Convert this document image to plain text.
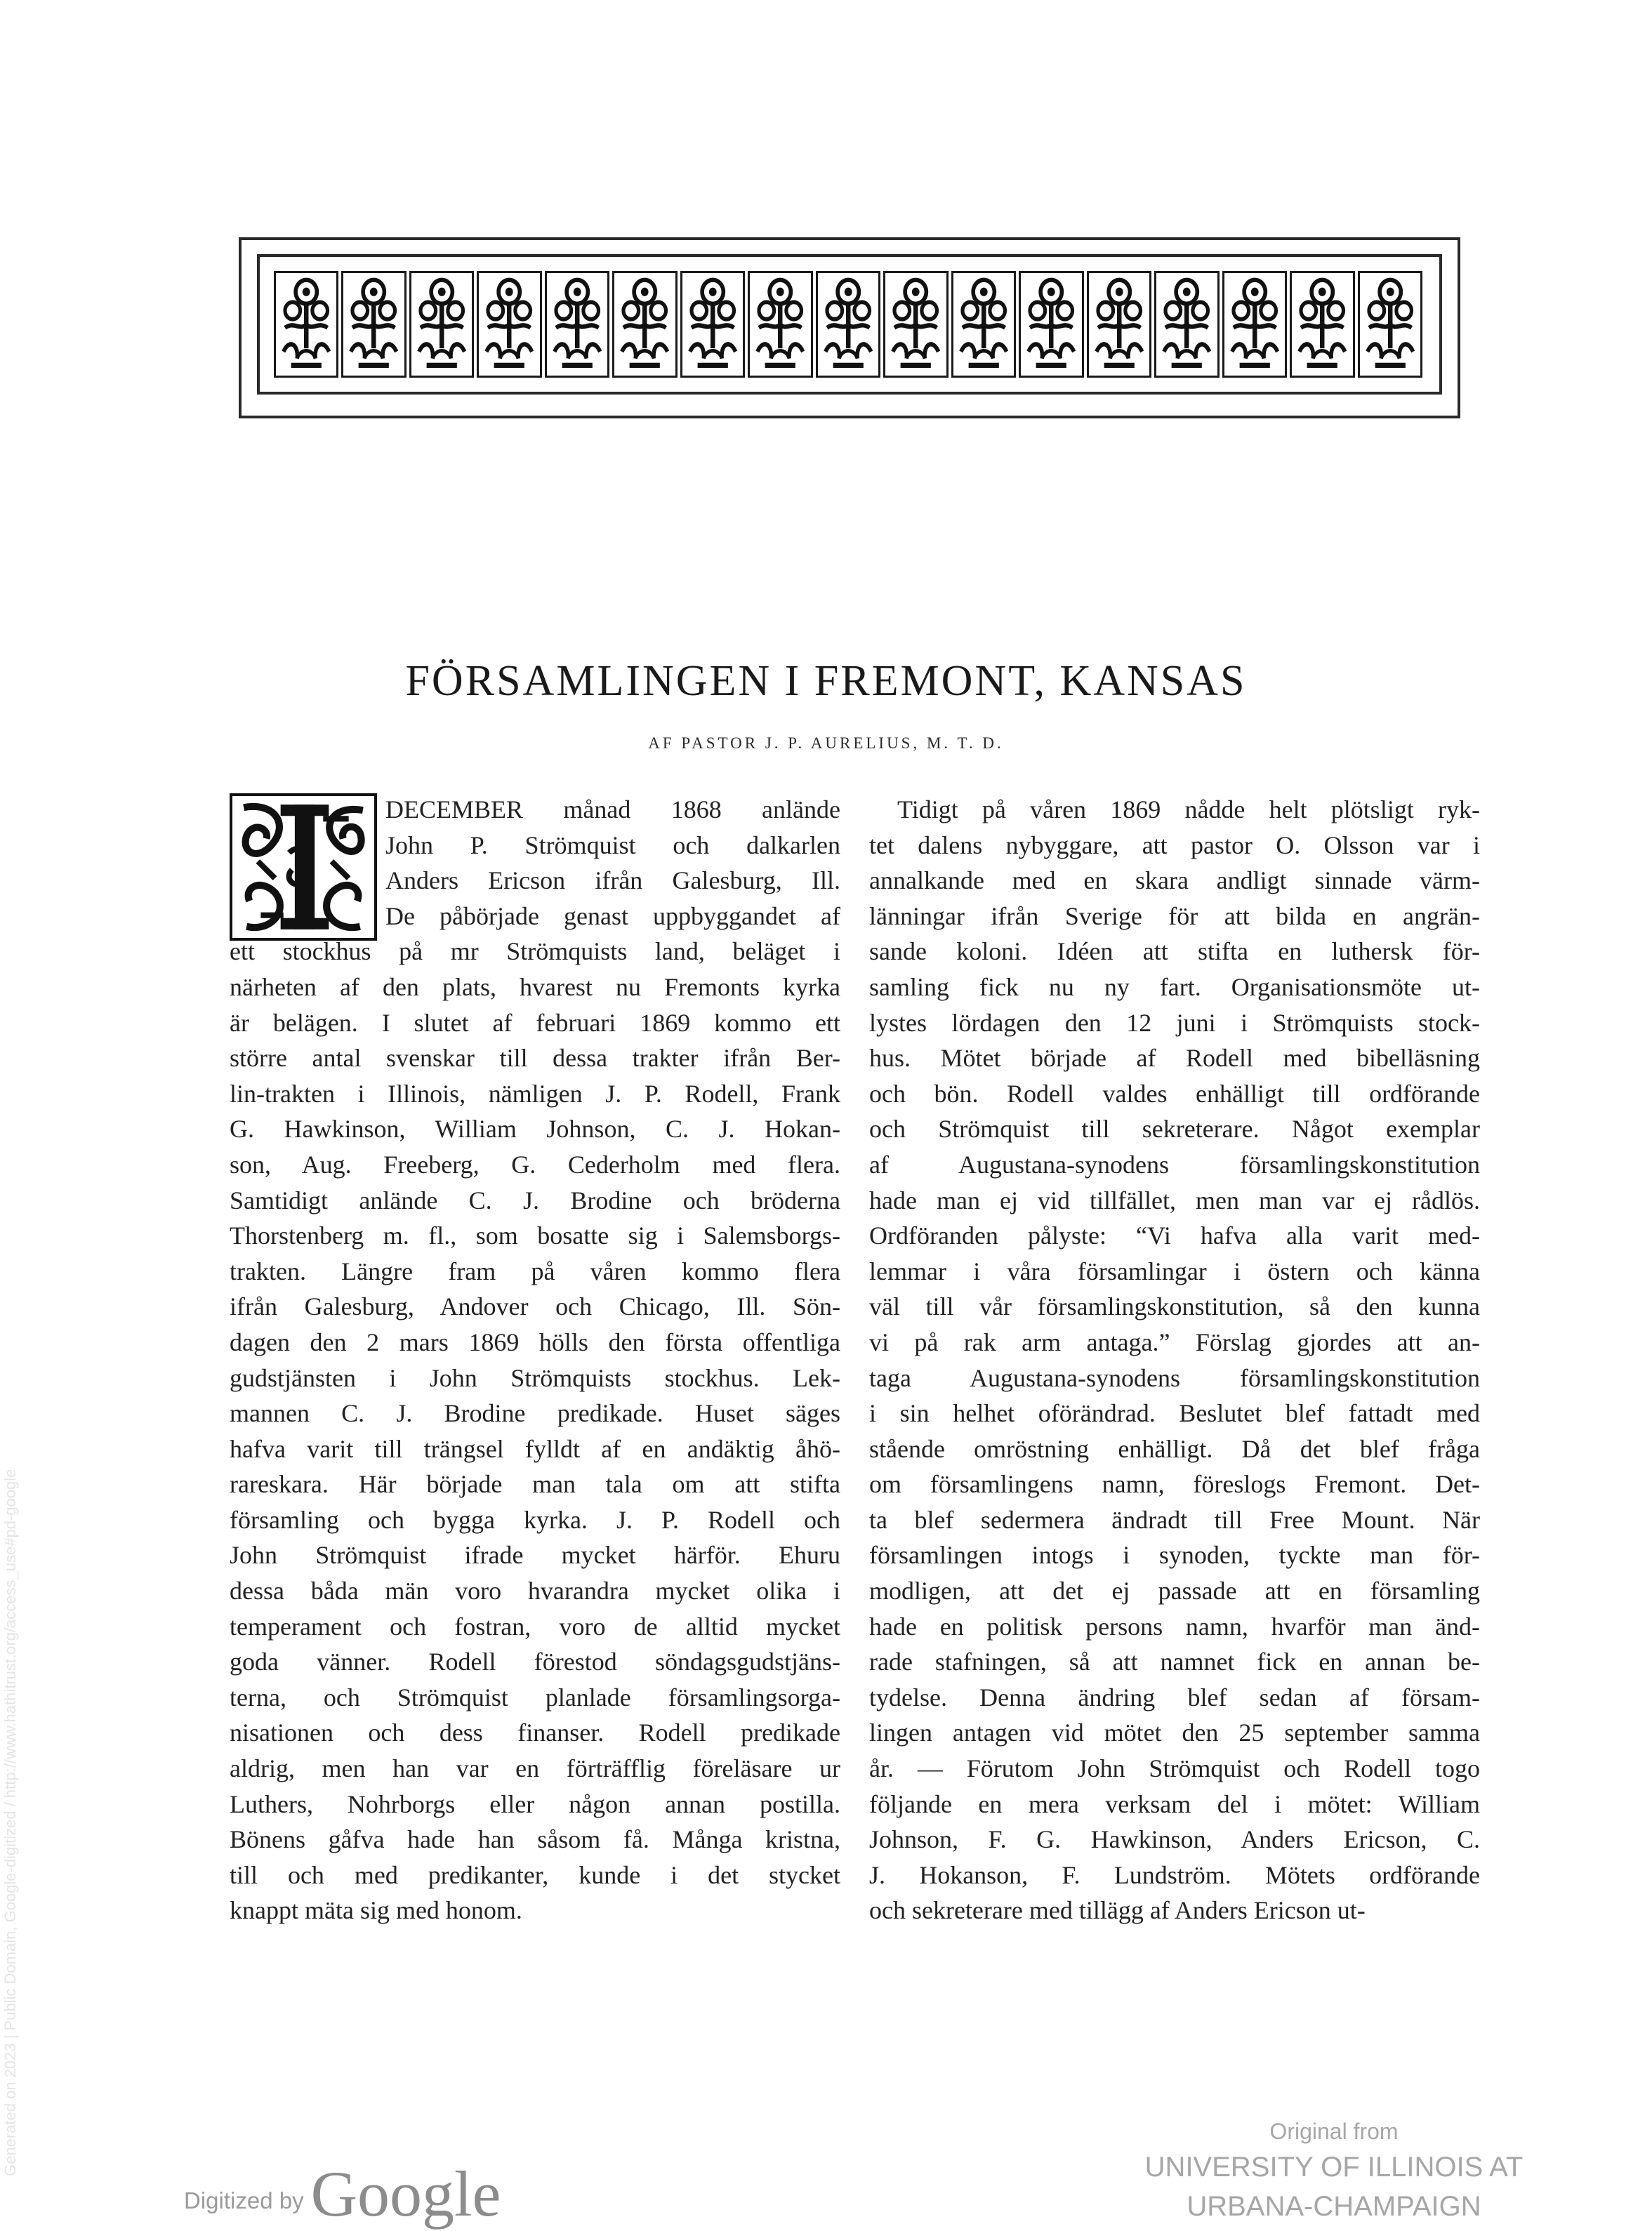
Generated on 2023 | Public Domain, Google-digitized / http://www.hathitrust.org/access_use#pd-google
FÖRSAMLINGEN I FREMONT, KANSAS
AF PASTOR J. P. AURELIUS, M. T. D.
DECEMBER månad 1868 anlände
John P. Strömquist och dalkarlen
Anders Ericson ifrån Galesburg, Ill.
De påbörjade genast uppbyggandet af
ett stockhus på mr Strömquists land, beläget i
närheten af den plats, hvarest nu Fremonts kyrka
är belägen. I slutet af februari 1869 kommo ett
större antal svenskar till dessa trakter ifrån Ber-
lin-trakten i Illinois, nämligen J. P. Rodell, Frank
G. Hawkinson, William Johnson, C. J. Hokan-
son, Aug. Freeberg, G. Cederholm med flera.
Samtidigt anlände C. J. Brodine och bröderna
Thorstenberg m. fl., som bosatte sig i Salemsborgs-
trakten. Längre fram på våren kommo flera
ifrån Galesburg, Andover och Chicago, Ill. Sön-
dagen den 2 mars 1869 hölls den första offentliga
gudstjänsten i John Strömquists stockhus. Lek-
mannen C. J. Brodine predikade. Huset säges
hafva varit till trängsel fylldt af en andäktig åhö-
rareskara. Här började man tala om att stifta
församling och bygga kyrka. J. P. Rodell och
John Strömquist ifrade mycket härför. Ehuru
dessa båda män voro hvarandra mycket olika i
temperament och fostran, voro de alltid mycket
goda vänner. Rodell förestod söndagsgudstjäns-
terna, och Strömquist planlade församlingsorga-
nisationen och dess finanser. Rodell predikade
aldrig, men han var en förträfflig föreläsare ur
Luthers, Nohrborgs eller någon annan postilla.
Bönens gåfva hade han såsom få. Många kristna,
till och med predikanter, kunde i det stycket
knappt mäta sig med honom.
Tidigt på våren 1869 nådde helt plötsligt ryk-
tet dalens nybyggare, att pastor O. Olsson var i
annalkande med en skara andligt sinnade värm-
länningar ifrån Sverige för att bilda en angrän-
sande koloni. Idéen att stifta en luthersk för-
samling fick nu ny fart. Organisationsmöte ut-
lystes lördagen den 12 juni i Strömquists stock-
hus. Mötet började af Rodell med bibelläsning
och bön. Rodell valdes enhälligt till ordförande
och Strömquist till sekreterare. Något exemplar
af Augustana-synodens församlingskonstitution
hade man ej vid tillfället, men man var ej rådlös.
Ordföranden pålyste: “Vi hafva alla varit med-
lemmar i våra församlingar i östern och känna
väl till vår församlingskonstitution, så den kunna
vi på rak arm antaga.” Förslag gjordes att an-
taga Augustana-synodens församlingskonstitution
i sin helhet oförändrad. Beslutet blef fattadt med
stående omröstning enhälligt. Då det blef fråga
om församlingens namn, föreslogs Fremont. Det-
ta blef sedermera ändradt till Free Mount. När
församlingen intogs i synoden, tyckte man för-
modligen, att det ej passade att en församling
hade en politisk persons namn, hvarför man änd-
rade stafningen, så att namnet fick en annan be-
tydelse. Denna ändring blef sedan af försam-
lingen antagen vid mötet den 25 september samma
år. — Förutom John Strömquist och Rodell togo
följande en mera verksam del i mötet: William
Johnson, F. G. Hawkinson, Anders Ericson, C.
J. Hokanson, F. Lundström. Mötets ordförande
och sekreterare med tillägg af Anders Ericson ut-
Digitized by Google
Original from
UNIVERSITY OF ILLINOIS AT
URBANA-CHAMPAIGN
